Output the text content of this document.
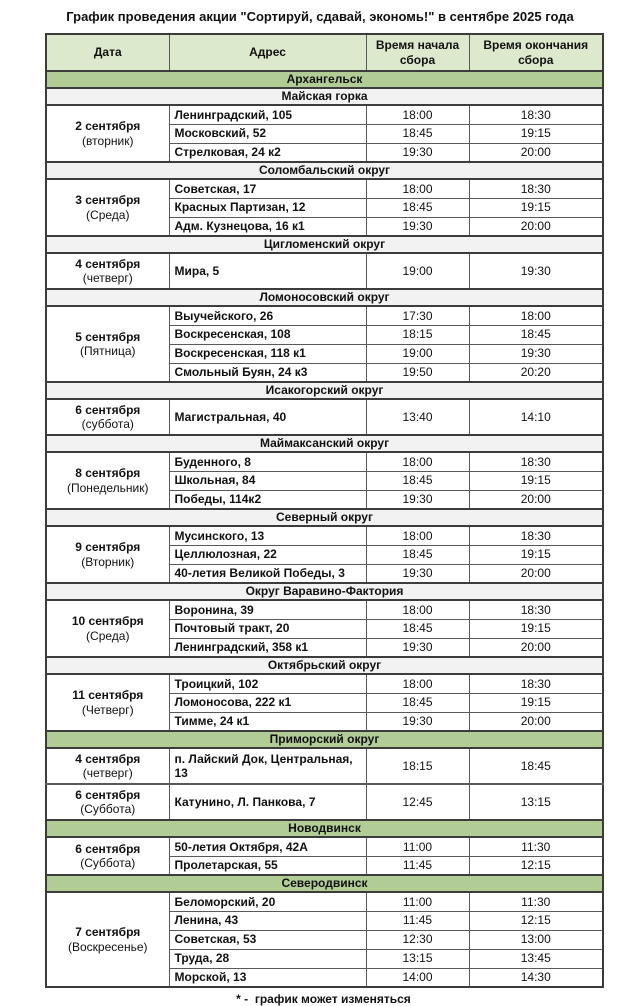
График проведения акции "Сортируй, сдавай, экономь!" в сентябре 2025 года
Дата	Адрес	Время начала сбора	Время окончания сбора
Архангельск			
Майская горка			

2 сентября
(вторник)	Ленинградский, 105	18:00	18:30
	Московский, 52	18:45	19:15
	Стрелковая, 24 к2	19:30	20:00
Соломбальский округ			
3 сентября (Среда)	Советская, 17	18:00	18:30
	Красных Партизан, 12	18:45	19:15
	Адм. Кузнецова, 16 к1	19:30	20:00
Цигломенский округ			

4 сентября
(четверг)	Мира, 5	19:00	19:30
Ломоносовский округ			

5 сентября
(Пятница)	Выучейского, 26	17:30	18:00
	Воскресенская, 108	18:15	18:45
	Воскресенская, 118 к1	19:00	19:30
	Смольный Буян, 24 к3	19:50	20:20
Исакогорский округ			

6 сентября
(суббота)	Магистральная, 40	13:40	14:10
Маймаксанский округ			

8 сентября
(Понедельник)	Буденного, 8	18:00	18:30
	Школьная, 84	18:45	19:15
	Победы, 114к2	19:30	20:00
Северный округ			

9 сентября
(Вторник)	Мусинского, 13	18:00	18:30
	Целлюлозная, 22	18:45	19:15
	40-летия Великой Победы, 3	19:30	20:00
Округ Варавино-Фактория			

10 сентября
(Среда)	Воронина, 39	18:00	18:30
	Почтовый тракт, 20	18:45	19:15
	Ленинградский, 358 к1	19:30	20:00
Октябрьский округ			

11 сентября
(Четверг)	Троицкий, 102	18:00	18:30
	Ломоносова, 222 к1	18:45	19:15
	Тимме, 24 к1	19:30	20:00
Приморский округ			

4 сентября
(четверг)	п. Лайский Док, Центральная, 13	18:15	18:45

6 сентября
(Суббота)	Катунино, Л. Панкова, 7	12:45	13:15
Новодвинск			

6 сентября
(Суббота)	50-летия Октября, 42А	11:00	11:30
	Пролетарская, 55	11:45	12:15
Северодвинск			

7 сентября
(Воскресенье)	Беломорский, 20	11:00	11:30
	Ленина, 43	11:45	12:15
	Советская, 53	12:30	13:00
	Труда, 28	13:15	13:45
	Морской, 13	14:00	14:30
* -  график может изменяться
